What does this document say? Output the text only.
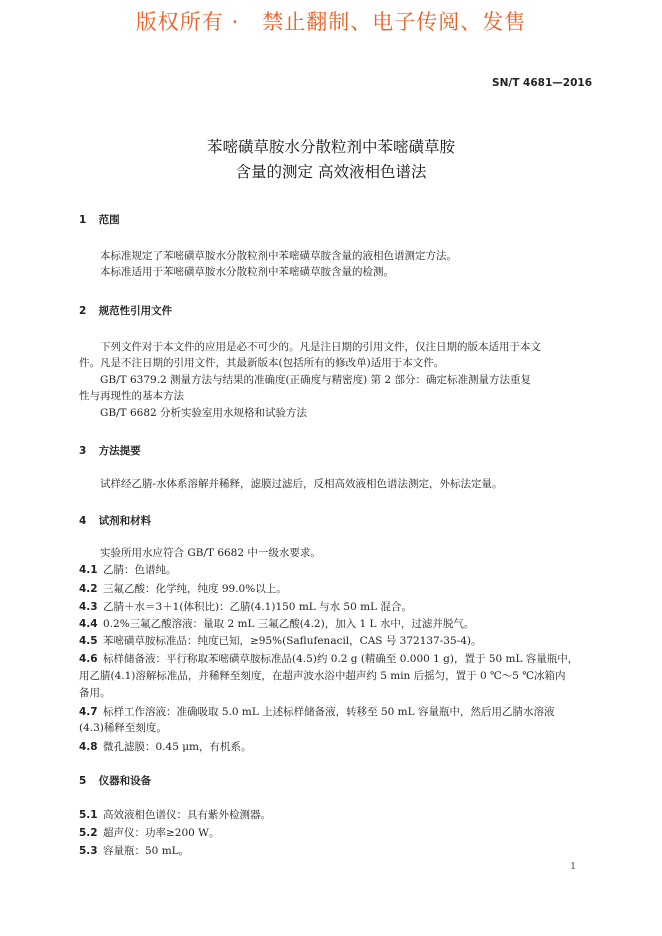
版权所有 ·   禁止翻制、电子传阅、发售
SN/T 4681—2016
苯嘧磺草胺水分散粒剂中苯嘧磺草胺
含量的测定 高效液相色谱法
1 范围
本标准规定了苯嘧磺草胺水分散粒剂中苯嘧磺草胺含量的液相色谱测定方法。
本标准适用于苯嘧磺草胺水分散粒剂中苯嘧磺草胺含量的检测。
2 规范性引用文件
下列文件对于本文件的应用是必不可少的。凡是注日期的引用文件，仅注日期的版本适用于本文
件。凡是不注日期的引用文件，其最新版本(包括所有的修改单)适用于本文件。
GB/T 6379.2 测量方法与结果的准确度(正确度与精密度) 第 2 部分：确定标准测量方法重复
性与再现性的基本方法
GB/T 6682 分析实验室用水规格和试验方法
3 方法提要
试样经乙腈-水体系溶解并稀释，滤膜过滤后，反相高效液相色谱法测定，外标法定量。
4 试剂和材料
实验所用水应符合 GB/T 6682 中一级水要求。
4.1 乙腈：色谱纯。
4.2 三氟乙酸：化学纯，纯度 99.0%以上。
4.3 乙腈＋水＝3＋1(体积比)：乙腈(4.1)150 mL 与水 50 mL 混合。
4.4 0.2%三氟乙酸溶液：量取 2 mL 三氟乙酸(4.2)，加入 1 L 水中，过滤并脱气。
4.5 苯嘧磺草胺标准品：纯度已知，≥95%(Saflufenacil，CAS 号 372137-35-4)。
4.6 标样储备液：平行称取苯嘧磺草胺标准品(4.5)约 0.2 g (精确至 0.000 1 g)，置于 50 mL 容量瓶中，
用乙腈(4.1)溶解标准品，并稀释至刻度，在超声波水浴中超声约 5 min 后摇匀，置于 0 ℃～5 ℃冰箱内
备用。
4.7 标样工作溶液：准确吸取 5.0 mL 上述标样储备液，转移至 50 mL 容量瓶中，然后用乙腈水溶液
(4.3)稀释至刻度。
4.8 微孔滤膜：0.45 μm，有机系。
5 仪器和设备
5.1 高效液相色谱仪：具有紫外检测器。
5.2 超声仪：功率≥200 W。
5.3 容量瓶：50 mL。
1
